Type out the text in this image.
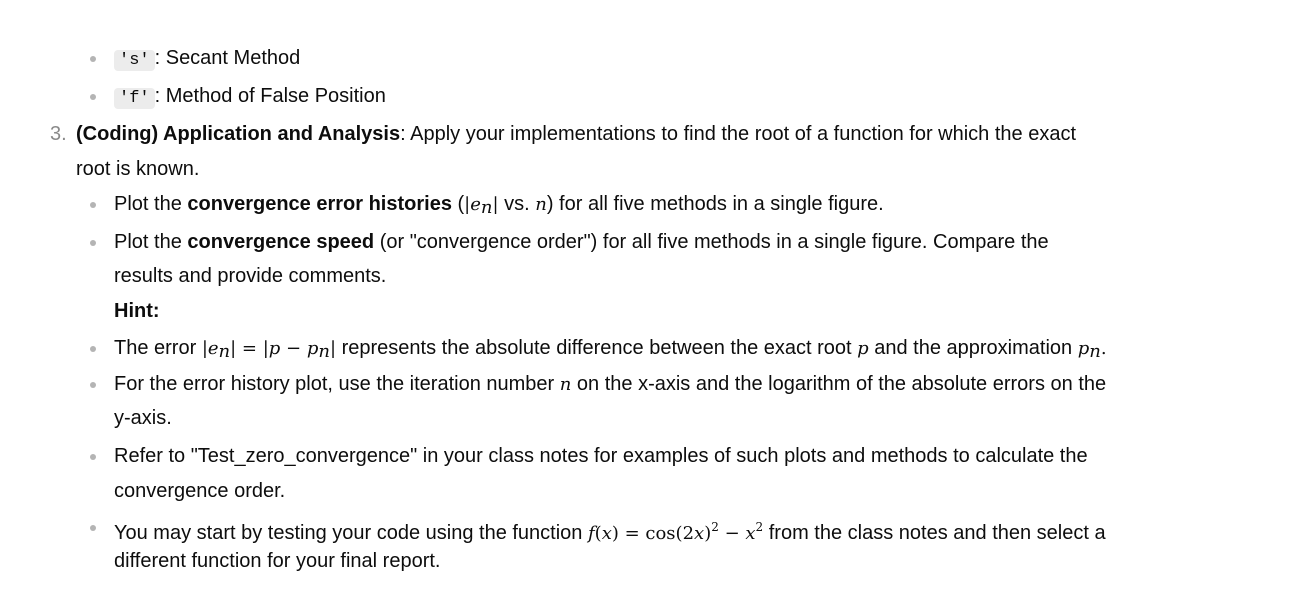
's' : Secant Method
'f' : Method of False Position
3. (Coding) Application and Analysis: Apply your implementations to find the root of a function for which the exact
root is known.
Plot the convergence error histories ($|e_n|$ vs. n) for all five methods in a single figure.
Plot the convergence speed (or "convergence order") for all five methods in a single figure. Compare the
results and provide comments.
Hint:
The error $|e_n| = |p - p_n|$ represents the absolute difference between the exact root p and the approximation $p_n$.
For the error history plot, use the iteration number n on the x-axis and the logarithm of the absolute errors on the
y-axis.
Refer to "Test_zero_convergence" in your class notes for examples of such plots and methods to calculate the
convergence order.
You may start by testing your code using the function $f(x) = \cos(2x)^2 - x^2$ from the class notes and then select a
different function for your final report.
